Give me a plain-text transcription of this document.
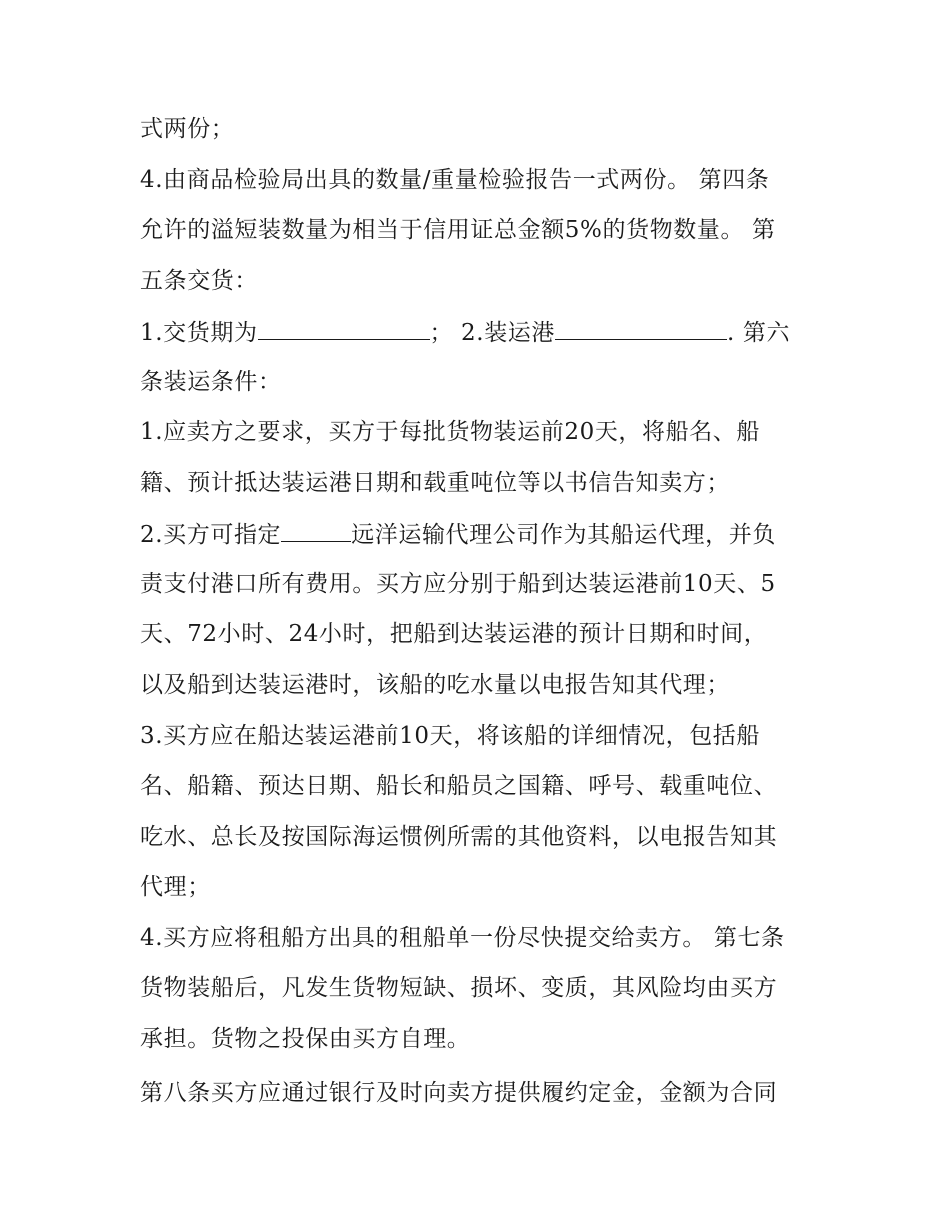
式两份；
4.由商品检验局出具的数量/重量检验报告一式两份。 第四条
允许的溢短装数量为相当于信用证总金额5%的货物数量。 第
五条交货：
1.交货期为	； 2.装运港	. 第六
条装运条件：
1.应卖方之要求，买方于每批货物装运前20天，将船名、船
籍、预计抵达装运港日期和载重吨位等以书信告知卖方；
2.买方可指定	远洋运输代理公司作为其船运代理，并负
责支付港口所有费用。买方应分别于船到达装运港前10天、5
天、72小时、24小时，把船到达装运港的预计日期和时间，
以及船到达装运港时，该船的吃水量以电报告知其代理；
3.买方应在船达装运港前10天，将该船的详细情况，包括船
名、船籍、预达日期、船长和船员之国籍、呼号、载重吨位、
吃水、总长及按国际海运惯例所需的其他资料，以电报告知其
代理；
4.买方应将租船方出具的租船单一份尽快提交给卖方。 第七条
货物装船后，凡发生货物短缺、损坏、变质，其风险均由买方
承担。货物之投保由买方自理。
第八条买方应通过银行及时向卖方提供履约定金，金额为合同
